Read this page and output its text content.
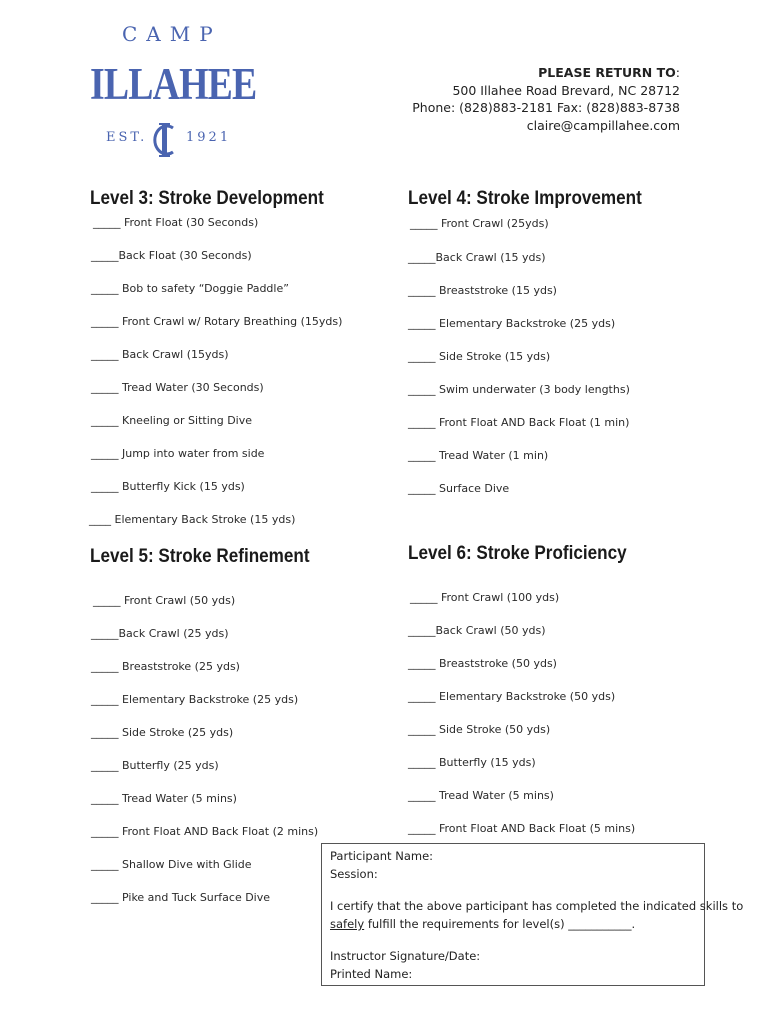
CAMP
ILLAHEE
EST.	1921
PLEASE RETURN TO:
500 Illahee Road Brevard, NC 28712
Phone: (828)883-2181 Fax: (828)883-8738
claire@campillahee.com
Level 3: Stroke Development
_____ Front Float (30 Seconds)
_____Back Float (30 Seconds)
_____ Bob to safety “Doggie Paddle”
_____ Front Crawl w/ Rotary Breathing (15yds)
_____ Back Crawl (15yds)
_____ Tread Water (30 Seconds)
_____ Kneeling or Sitting Dive
_____ Jump into water from side
_____ Butterfly Kick (15 yds)
____ Elementary Back Stroke (15 yds)
Level 4: Stroke Improvement
_____ Front Crawl (25yds)
_____Back Crawl (15 yds)
_____ Breaststroke (15 yds)
_____ Elementary Backstroke (25 yds)
_____ Side Stroke (15 yds)
_____ Swim underwater (3 body lengths)
_____ Front Float AND Back Float (1 min)
_____ Tread Water (1 min)
_____ Surface Dive
Level 5: Stroke Refinement
_____ Front Crawl (50 yds)
_____Back Crawl (25 yds)
_____ Breaststroke (25 yds)
_____ Elementary Backstroke (25 yds)
_____ Side Stroke (25 yds)
_____ Butterfly (25 yds)
_____ Tread Water (5 mins)
_____ Front Float AND Back Float (2 mins)
_____ Shallow Dive with Glide
_____ Pike and Tuck Surface Dive
Level 6: Stroke Proficiency
_____ Front Crawl (100 yds)
_____Back Crawl (50 yds)
_____ Breaststroke (50 yds)
_____ Elementary Backstroke (50 yds)
_____ Side Stroke (50 yds)
_____ Butterfly (15 yds)
_____ Tread Water (5 mins)
_____ Front Float AND Back Float (5 mins)
Participant Name:
Session:
I certify that the above participant has completed the indicated skills to
safely fulfill the requirements for level(s) ___________.
Instructor Signature/Date:
Printed Name:
